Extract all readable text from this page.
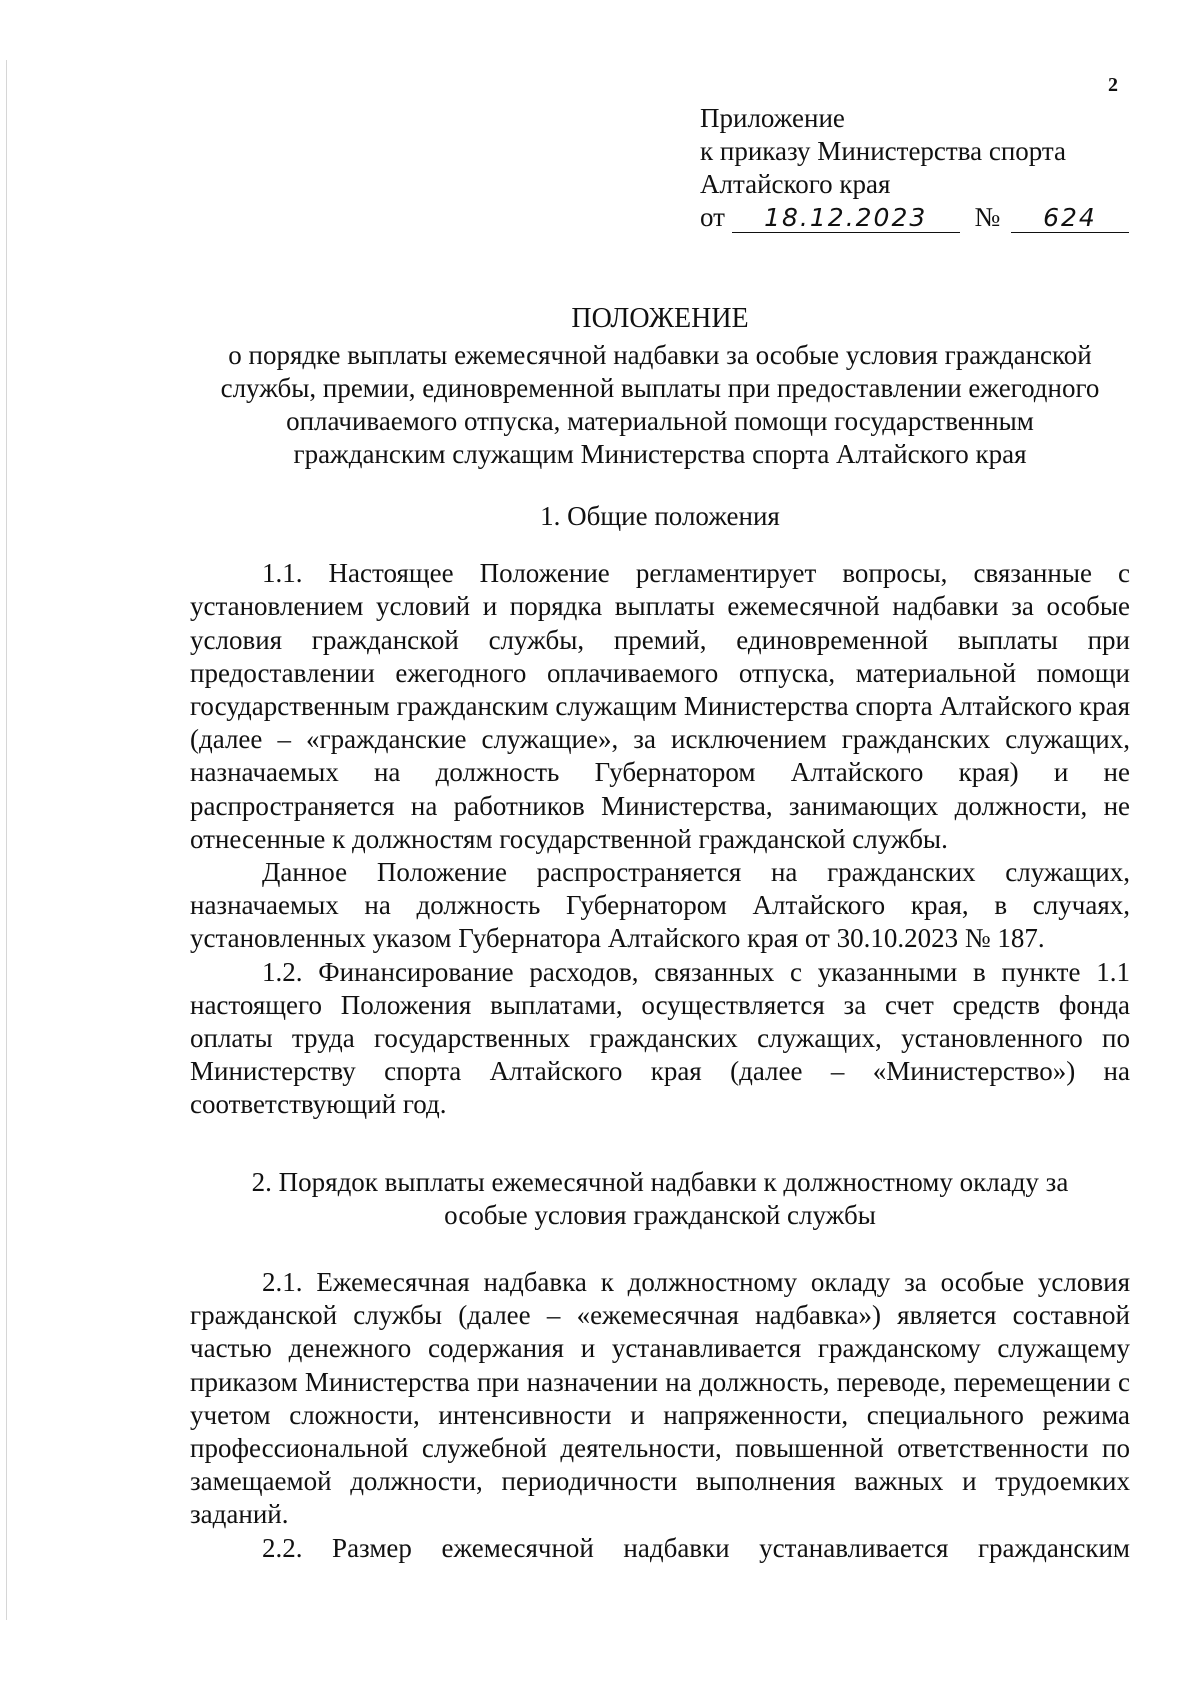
2
Приложение
к приказу Министерства спорта
Алтайского края
от 18.12.2023 № 624
ПОЛОЖЕНИЕ
о порядке выплаты ежемесячной надбавки за особые условия гражданской
службы, премии, единовременной выплаты при предоставлении ежегодного
оплачиваемого отпуска, материальной помощи государственным
гражданским служащим Министерства спорта Алтайского края
1. Общие положения

1.1. Настоящее Положение регламентирует вопросы, связанные с установлением условий и порядка выплаты ежемесячной надбавки за особые условия гражданской службы, премий, единовременной выплаты при предоставлении ежегодного оплачиваемого отпуска, материальной помощи государственным гражданским служащим Министерства спорта Алтайского края (далее – «гражданские служащие», за исключением гражданских служащих, назначаемых на должность Губернатором Алтайского края) и не распространяется на работников Министерства, занимающих должности, не отнесенные к должностям государственной гражданской службы.

Данное Положение распространяется на гражданских служащих, назначаемых на должность Губернатором Алтайского края, в случаях, установленных указом Губернатора Алтайского края от 30.10.2023 № 187.

1.2. Финансирование расходов, связанных с указанными в пункте 1.1 настоящего Положения выплатами, осуществляется за счет средств фонда оплаты труда государственных гражданских служащих, установленного по Министерству спорта Алтайского края (далее – «Министерство») на соответствующий год.

2. Порядок выплаты ежемесячной надбавки к должностному окладу за
особые условия гражданской службы

2.1. Ежемесячная надбавка к должностному окладу за особые условия гражданской службы (далее – «ежемесячная надбавка») является составной частью денежного содержания и устанавливается гражданскому служащему приказом Министерства при назначении на должность, переводе, перемещении с учетом сложности, интенсивности и напряженности, специального режима профессиональной служебной деятельности, повышенной ответственности по замещаемой должности, периодичности выполнения важных и трудоемких заданий.

2.2. Размер ежемесячной надбавки устанавливается гражданским
